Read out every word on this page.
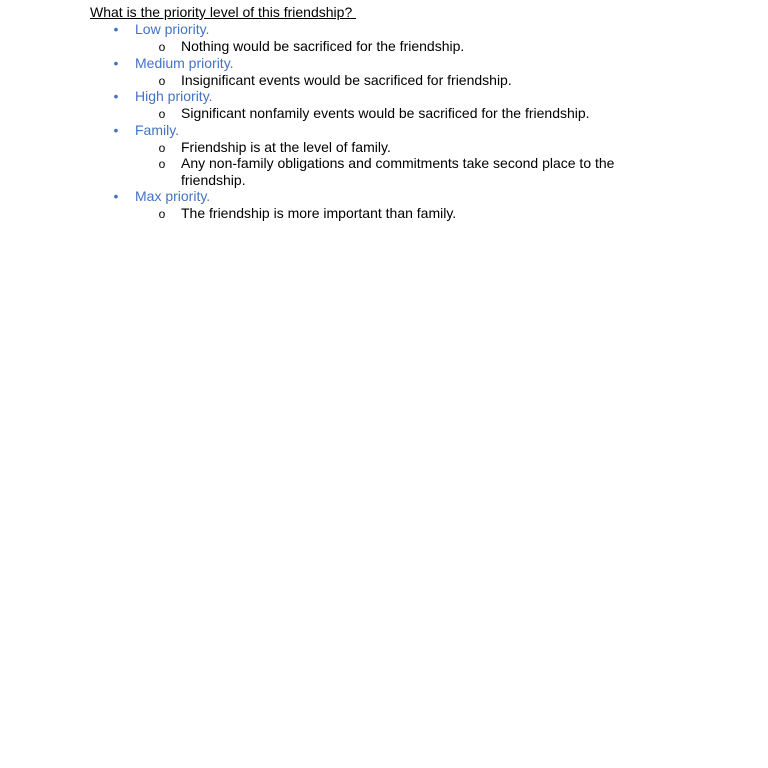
What is the priority level of this friendship?
• Low priority.
o Nothing would be sacrificed for the friendship.
• Medium priority.
o Insignificant events would be sacrificed for friendship.
• High priority.
o Significant nonfamily events would be sacrificed for the friendship.
• Family.
o Friendship is at the level of family.
o Any non-family obligations and commitments take second place to the friendship.
• Max priority.
o The friendship is more important than family.
